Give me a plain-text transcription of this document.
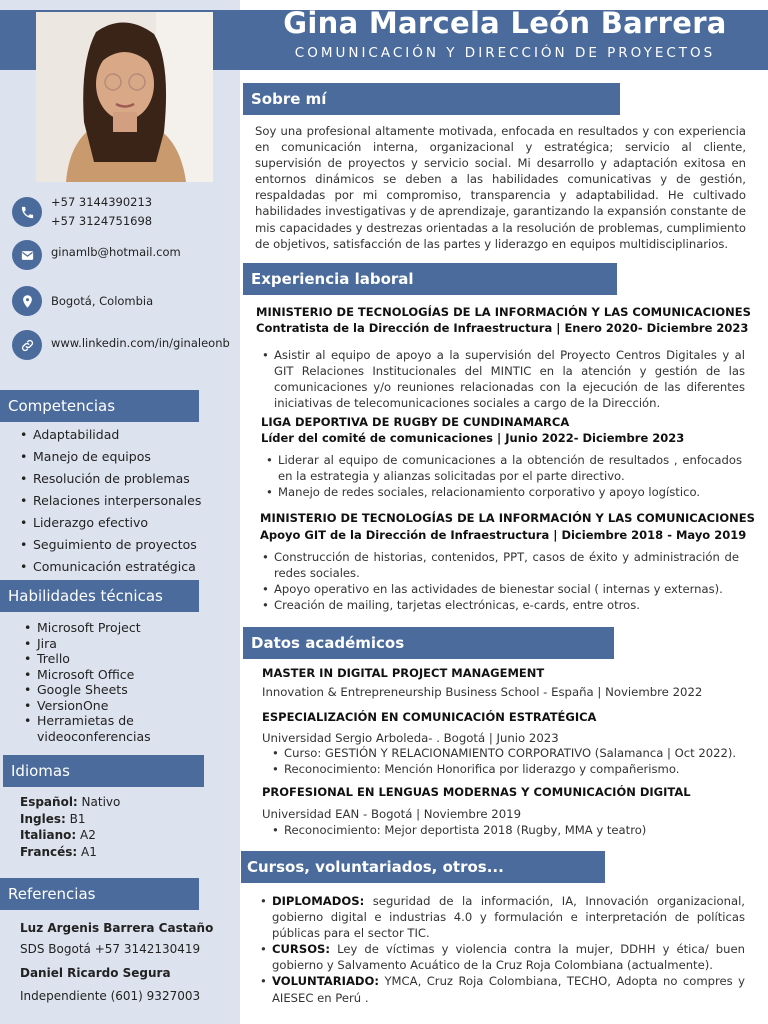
Gina Marcela León Barrera
COMUNICACIÓN Y DIRECCIÓN DE PROYECTOS
+57 3144390213
+57 3124751698
ginamlb@hotmail.com
Bogotá, Colombia
www.linkedin.com/in/ginaleonb
Competencias
• Adaptabilidad
• Manejo de equipos
• Resolución de problemas
• Relaciones interpersonales
• Liderazgo efectivo
• Seguimiento de proyectos
• Comunicación estratégica
Habilidades técnicas
• Microsoft Project
• Jira
• Trello
• Microsoft Office
• Google Sheets
• VersionOne
• Herramietas de videoconferencias
Idiomas
Español: Nativo
Ingles: B1
Italiano: A2
Francés: A1
Referencias
Luz Argenis Barrera Castaño
SDS Bogotá +57 3142130419
Daniel Ricardo Segura
Independiente (601) 9327003
Sobre mí
Soy una profesional altamente motivada, enfocada en resultados y con experiencia en comunicación interna, organizacional y estratégica; servicio al cliente, supervisión de proyectos y servicio social. Mi desarrollo y adaptación exitosa en entornos dinámicos se deben a las habilidades comunicativas y de gestión, respaldadas por mi compromiso, transparencia y adaptabilidad. He cultivado habilidades investigativas y de aprendizaje, garantizando la expansión constante de mis capacidades y destrezas orientadas a la resolución de problemas, cumplimiento de objetivos, satisfacción de las partes y liderazgo en equipos multidisciplinarios.
Experiencia laboral
MINISTERIO DE TECNOLOGÍAS DE LA INFORMACIÓN Y LAS COMUNICACIONES
Contratista de la Dirección de Infraestructura | Enero 2020- Diciembre 2023
• Asistir al equipo de apoyo a la supervisión del Proyecto Centros Digitales y al GIT Relaciones Institucionales del MINTIC en la atención y gestión de las comunicaciones y/o reuniones relacionadas con la ejecución de las diferentes iniciativas de telecomunicaciones sociales a cargo de la Dirección.
LIGA DEPORTIVA DE RUGBY DE CUNDINAMARCA
Líder del comité de comunicaciones | Junio 2022- Diciembre 2023
• Liderar al equipo de comunicaciones a la obtención de resultados , enfocados en la estrategia y alianzas solicitadas por el parte directivo.
• Manejo de redes sociales, relacionamiento corporativo y apoyo logístico.
MINISTERIO DE TECNOLOGÍAS DE LA INFORMACIÓN Y LAS COMUNICACIONES
Apoyo GIT de la Dirección de Infraestructura | Diciembre 2018 - Mayo 2019
• Construcción de historias, contenidos, PPT, casos de éxito y administración de redes sociales.
• Apoyo operativo en las actividades de bienestar social ( internas y externas).
• Creación de mailing, tarjetas electrónicas, e-cards, entre otros.
Datos académicos
MASTER IN DIGITAL PROJECT MANAGEMENT
Innovation & Entrepreneurship Business School - España | Noviembre 2022
ESPECIALIZACIÓN EN COMUNICACIÓN ESTRATÉGICA
Universidad Sergio Arboleda- . Bogotá | Junio 2023
• Curso: GESTIÓN Y RELACIONAMIENTO CORPORATIVO (Salamanca | Oct 2022).
• Reconocimiento: Mención Honorifica por liderazgo y compañerismo.
PROFESIONAL EN LENGUAS MODERNAS Y COMUNICACIÓN DIGITAL
Universidad EAN - Bogotá | Noviembre 2019
• Reconocimiento: Mejor deportista 2018 (Rugby, MMA y teatro)
Cursos, voluntariados, otros...
• DIPLOMADOS: seguridad de la información, IA, Innovación organizacional, gobierno digital e industrias 4.0 y formulación e interpretación de políticas públicas para el sector TIC.
• CURSOS: Ley de víctimas y violencia contra la mujer, DDHH y ética/ buen gobierno y Salvamento Acuático de la Cruz Roja Colombiana (actualmente).
• VOLUNTARIADO: YMCA, Cruz Roja Colombiana, TECHO, Adopta no compres y AIESEC en Perú .
